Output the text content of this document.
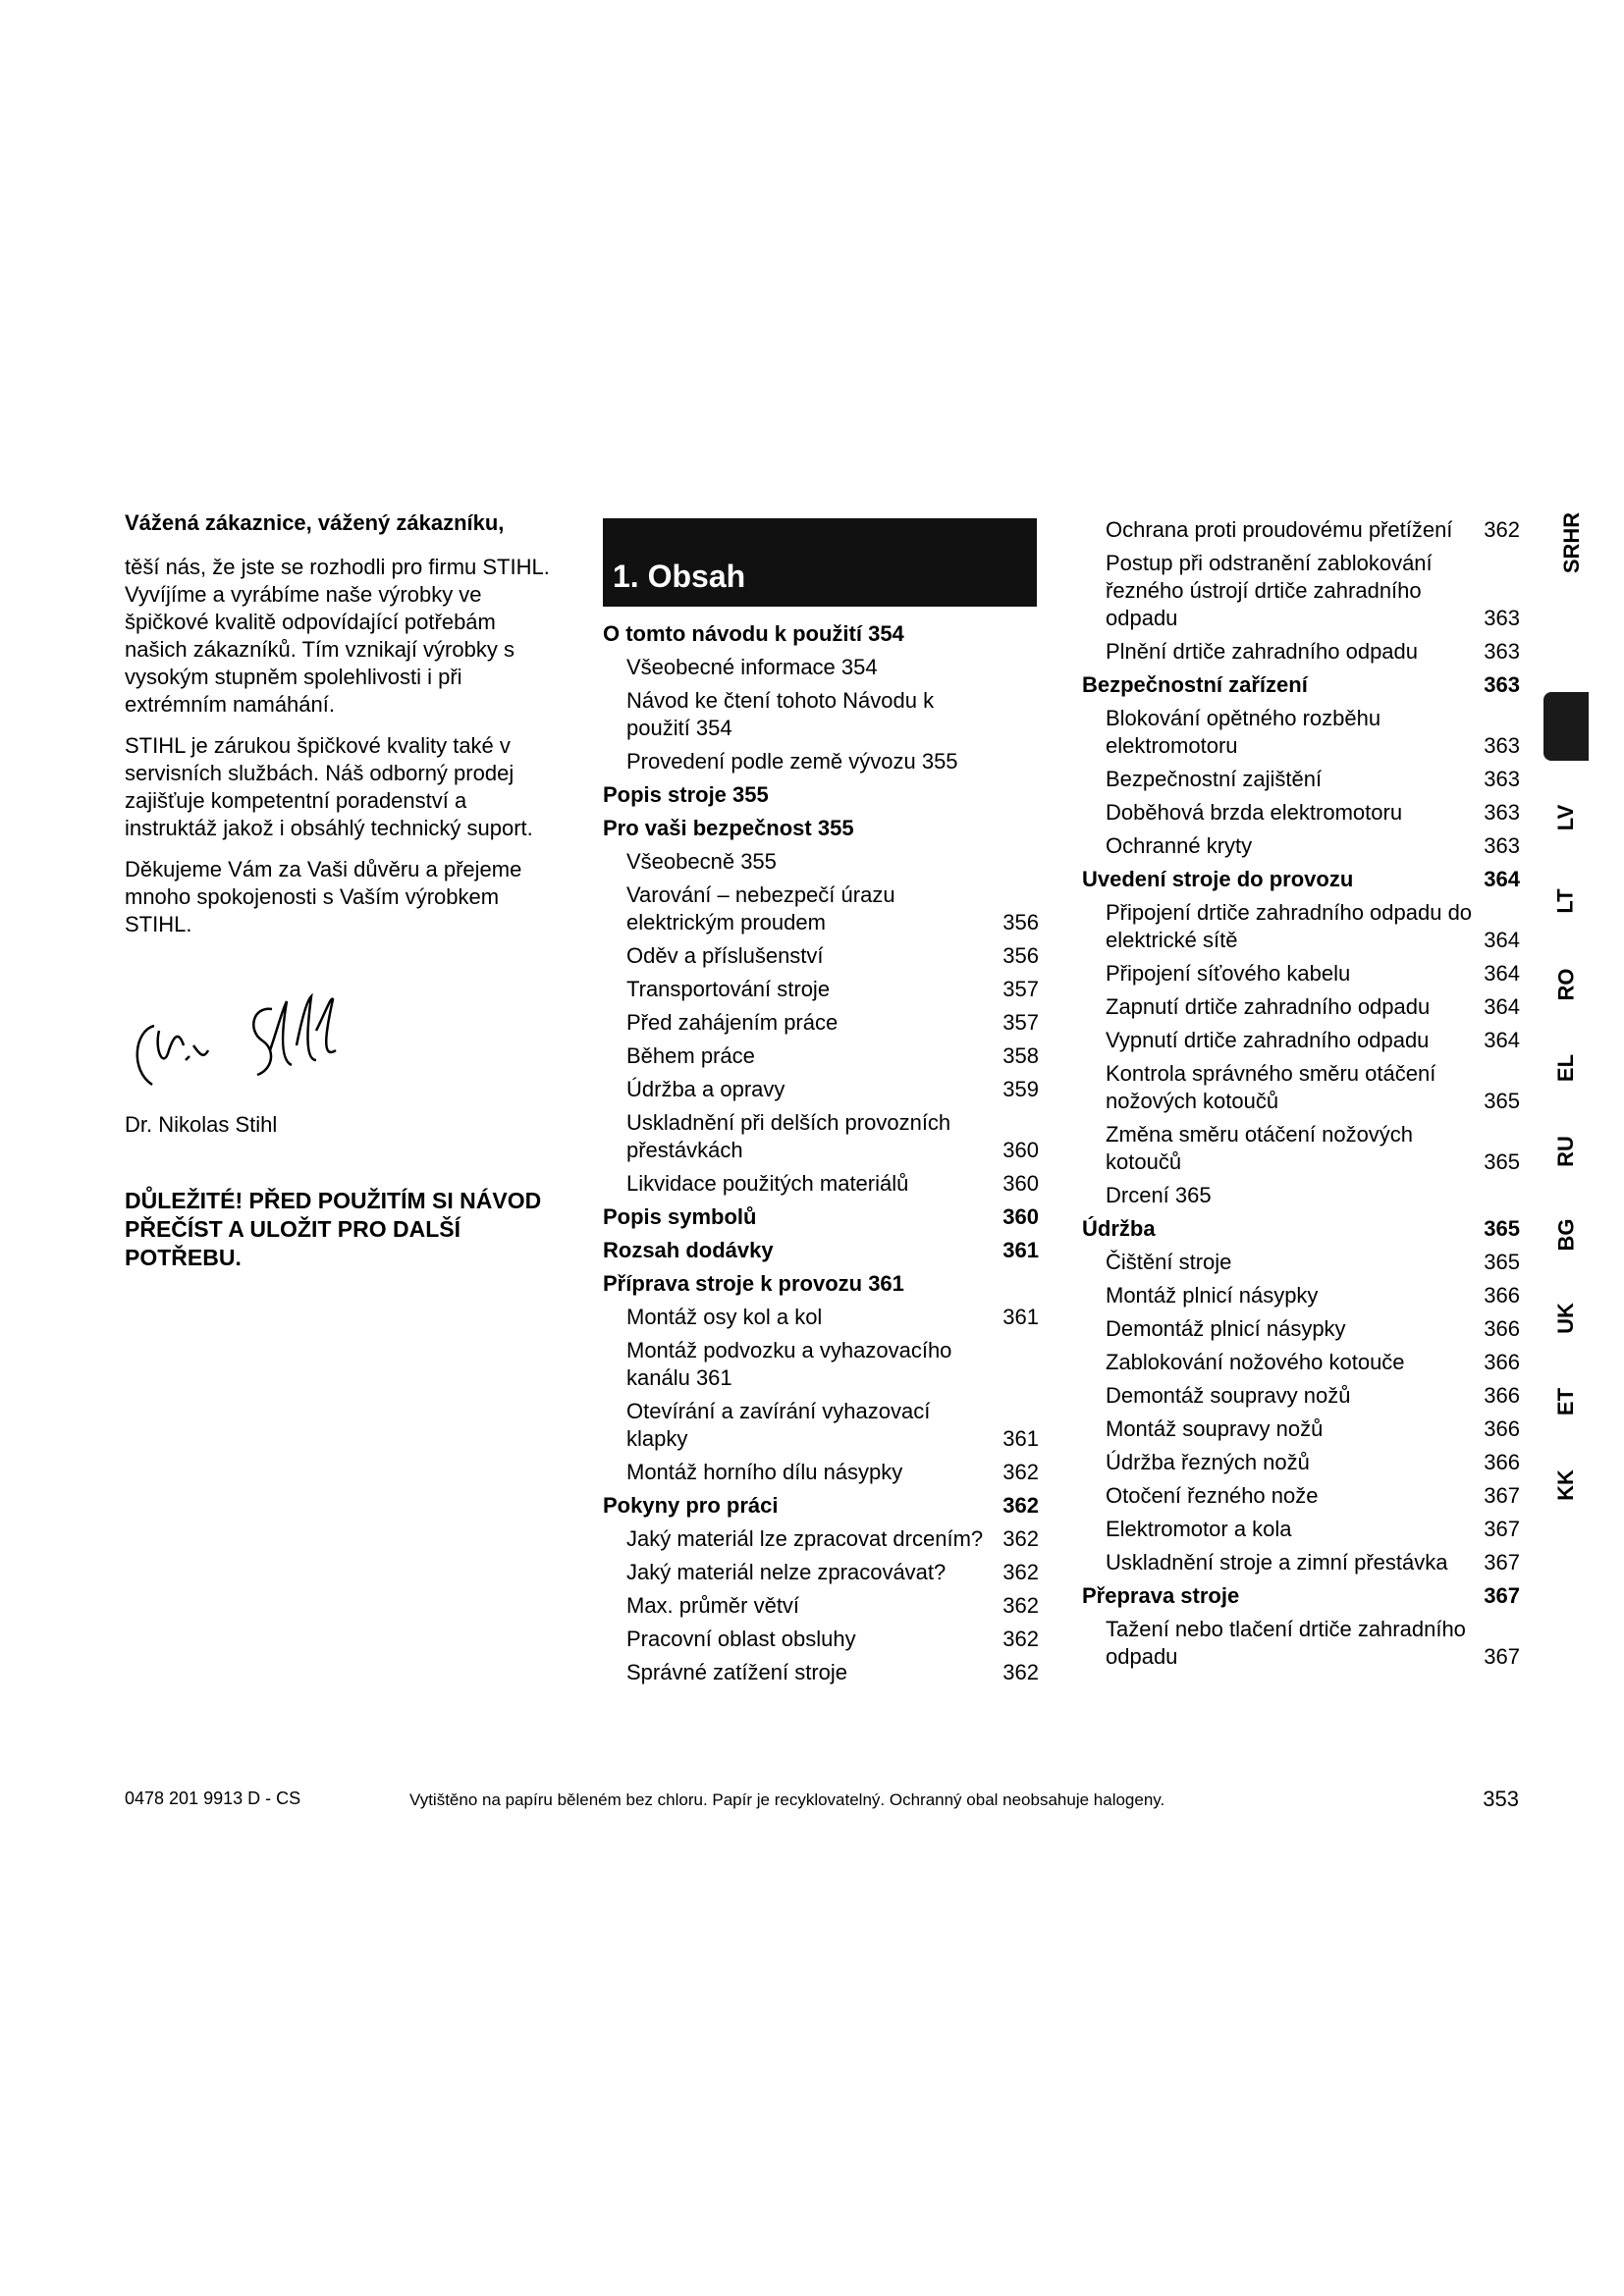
Vážená zákaznice, vážený zákazníku,

těší nás, že jste se rozhodli pro firmu STIHL. Vyvíjíme a vyrábíme naše výrobky ve špičkové kvalitě odpovídající potřebám našich zákazníků. Tím vznikají výrobky s vysokým stupněm spolehlivosti i při extrémním namáhání.

STIHL je zárukou špičkové kvality také v servisních službách. Náš odborný prodej zajišťuje kompetentní poradenství a instruktáž jakož i obsáhlý technický suport.

Děkujeme Vám za Vaši důvěru a přejeme mnoho spokojenosti s Vaším výrobkem STIHL.

Dr. Nikolas Stihl
DŮLEŽITÉ! PŘED POUŽITÍM SI NÁVOD PŘEČÍST A ULOŽIT PRO DALŠÍ POTŘEBU.
1. Obsah
O tomto návodu k použití 354
Všeobecné informace 354
Návod ke čtení tohoto Návodu k použití 354
Provedení podle země vývozu 355
Popis stroje 355
Pro vaši bezpečnost 355
Všeobecně 355
Varování – nebezpečí úrazu elektrickým proudem	356
Oděv a příslušenství	356
Transportování stroje	357
Před zahájením práce	357
Během práce	358
Údržba a opravy	359
Uskladnění při delších provozních přestávkách	360
Likvidace použitých materiálů	360
Popis symbolů	360
Rozsah dodávky	361
Příprava stroje k provozu 361
Montáž osy kol a kol	361
Montáž podvozku a vyhazovacího kanálu 361
Otevírání a zavírání vyhazovací klapky	361
Montáž horního dílu násypky	362
Pokyny pro práci	362
Jaký materiál lze zpracovat drcením? 362
Jaký materiál nelze zpracovávat?	362
Max. průměr větví	362
Pracovní oblast obsluhy	362
Správné zatížení stroje	362
Ochrana proti proudovému přetížení	362
Postup při odstranění zablokování řezného ústrojí drtiče zahradního odpadu	363
Plnění drtiče zahradního odpadu	363
Bezpečnostní zařízení	363
Blokování opětného rozběhu elektromotoru	363
Bezpečnostní zajištění	363
Doběhová brzda elektromotoru	363
Ochranné kryty	363
Uvedení stroje do provozu	364
Připojení drtiče zahradního odpadu do elektrické sítě	364
Připojení síťového kabelu	364
Zapnutí drtiče zahradního odpadu	364
Vypnutí drtiče zahradního odpadu	364
Kontrola správného směru otáčení nožových kotoučů	365
Změna směru otáčení nožových kotoučů	365
Drcení 365
Údržba	365
Čištění stroje	365
Montáž plnicí násypky	366
Demontáž plnicí násypky	366
Zablokování nožového kotouče	366
Demontáž soupravy nožů	366
Montáž soupravy nožů	366
Údržba řezných nožů	366
Otočení řezného nože	367
Elektromotor a kola	367
Uskladnění stroje a zimní přestávka	367
Přeprava stroje	367
Tažení nebo tlačení drtiče zahradního odpadu	367
SRHR
LV
LT
RO
EL
RU
BG
UK
ET
KK
0478 201 9913 D - CS	Vytištěno na papíru běleném bez chloru. Papír je recyklovatelný. Ochranný obal neobsahuje halogeny.	353
